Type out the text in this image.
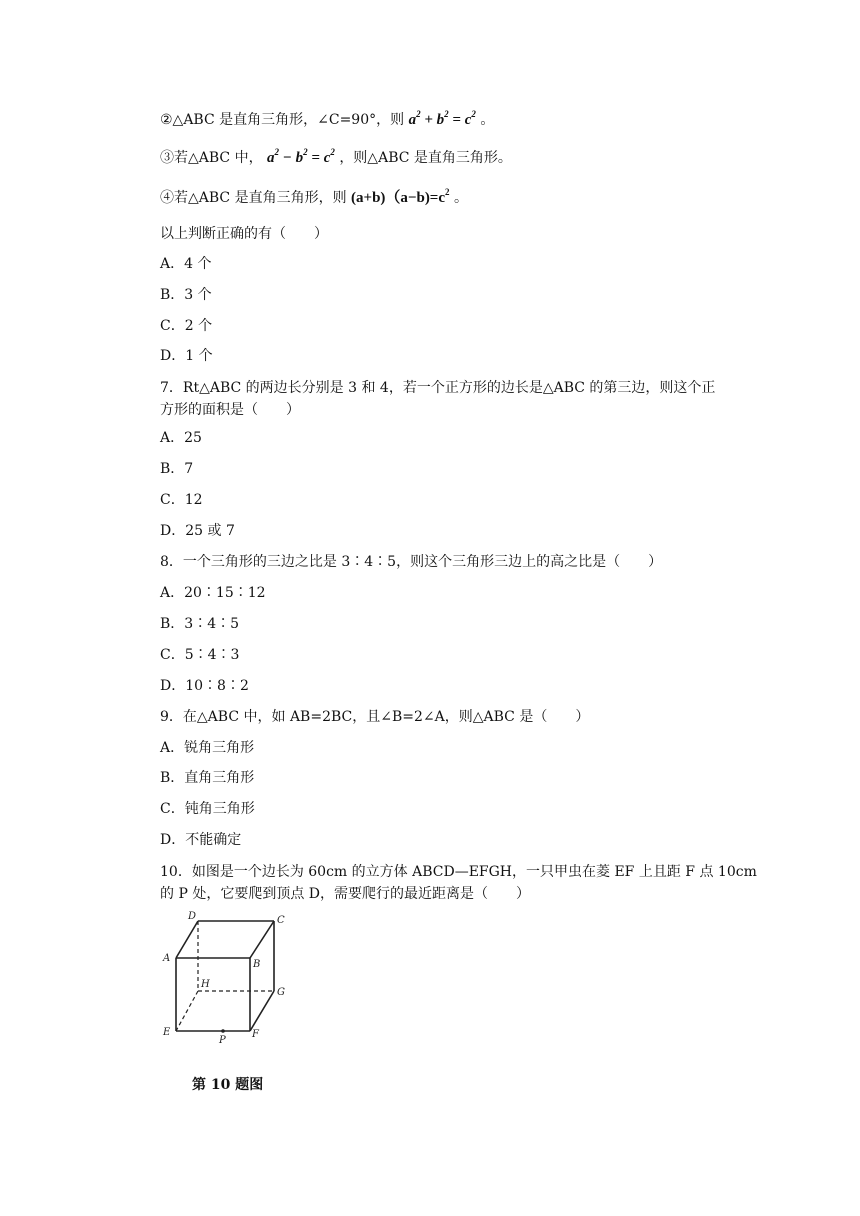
②△ABC 是直角三角形，∠C=90°，则 $a^2 + b^2 = c^2$ 。
③若△ABC 中， $a^2 - b^2 = c^2$ ，则△ABC 是直角三角形。
④若△ABC 是直角三角形，则 $(a+b)(a-b)=c^2$ 。
以上判断正确的有（　　）
A．4 个
B．3 个
C．2 个
D．1 个
7．Rt△ABC 的两边长分别是 3 和 4，若一个正方形的边长是△ABC 的第三边，则这个正
方形的面积是（　　）
A．25
B．7
C．12
D．25 或 7
8．一个三角形的三边之比是 3∶4∶5，则这个三角形三边上的高之比是（　　）
A．20∶15∶12
B．3∶4∶5
C．5∶4∶3
D．10∶8∶2
9．在△ABC 中，如 AB=2BC，且∠B=2∠A，则△ABC 是（　　）
A．锐角三角形
B．直角三角形
C．钝角三角形
D．不能确定
10．如图是一个边长为 60cm 的立方体 ABCD—EFGH，一只甲虫在菱 EF 上且距 F 点 10cm
的 P 处，它要爬到顶点 D，需要爬行的最近距离是（　　）
D	C
A
B
H
G
E	F
P
第 10 题图
